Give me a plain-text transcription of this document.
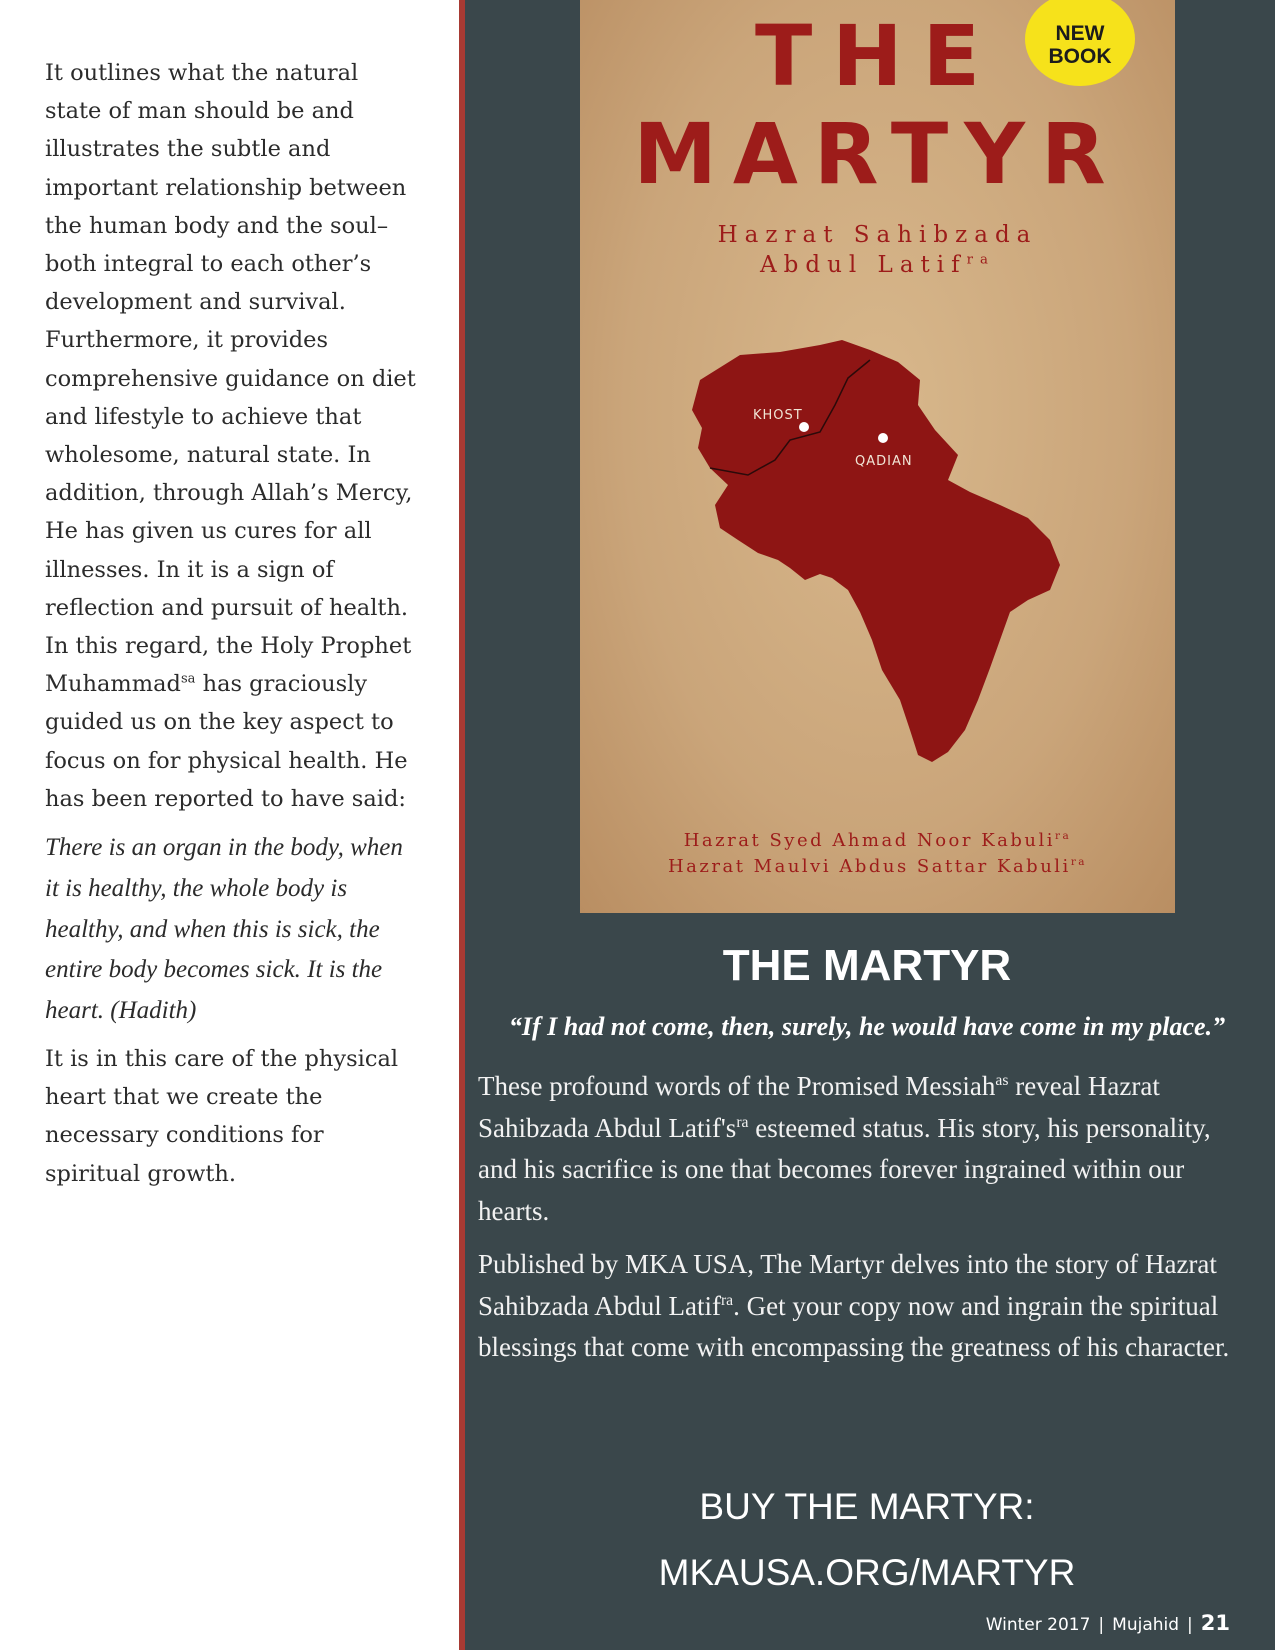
It outlines what the natural state of man should be and illustrates the subtle and important relationship between the human body and the soul–both integral to each other’s development and survival. Furthermore, it provides comprehensive guidance on diet and lifestyle to achieve that wholesome, natural state. In addition, through Allah’s Mercy, He has given us cures for all illnesses. In it is a sign of reflection and pursuit of health. In this regard, the Holy Prophet Muhammad$^{sa}$ has graciously guided us on the key aspect to focus on for physical health. He has been reported to have said:

There is an organ in the body, when it is healthy, the whole body is healthy, and when this is sick, the entire body becomes sick. It is the heart. (Hadith)

It is in this care of the physical heart that we create the necessary conditions for spiritual growth.

KHOST
QADIAN
THE
MARTYR
Hazrat Sahibzada
Abdul Latif$^{ra}$
Hazrat Syed Ahmad Noor Kabuli$^{ra}$
Hazrat Maulvi Abdus Sattar Kabuli$^{ra}$
NEW
BOOK
THE MARTYR
“If I had not come, then, surely, he would have come in my place.”

These profound words of the Promised Messiah$^{as}$ reveal Hazrat Sahibzada Abdul $Latif's^{ra}$ esteemed status. His story, his personality, and his sacrifice is one that becomes forever ingrained within our hearts.

Published by MKA USA, The Martyr delves into the story of Hazrat Sahibzada Abdul Latif$^{ra}$. Get your copy now and ingrain the spiritual blessings that come with encompassing the greatness of his character.

BUY THE MARTYR:
MKAUSA.ORG/MARTYR
Winter 2017 | Mujahid | 21
